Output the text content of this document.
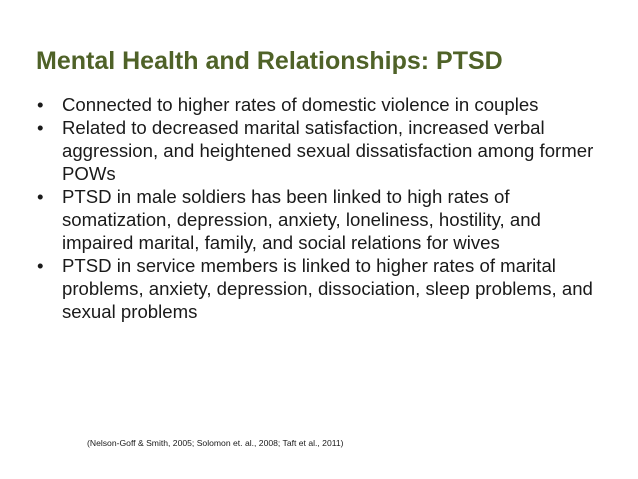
Mental Health and Relationships: PTSD
• Connected to higher rates of domestic violence in couples
• Related to decreased marital satisfaction, increased verbal aggression, and heightened sexual dissatisfaction among former POWs
• PTSD in male soldiers has been linked to high rates of somatization, depression, anxiety, loneliness, hostility, and impaired marital, family, and social relations for wives
• PTSD in service members is linked to higher rates of marital problems, anxiety, depression, dissociation, sleep problems, and sexual problems

(Nelson-Goff & Smith, 2005; Solomon et. al., 2008; Taft et al., 2011)
